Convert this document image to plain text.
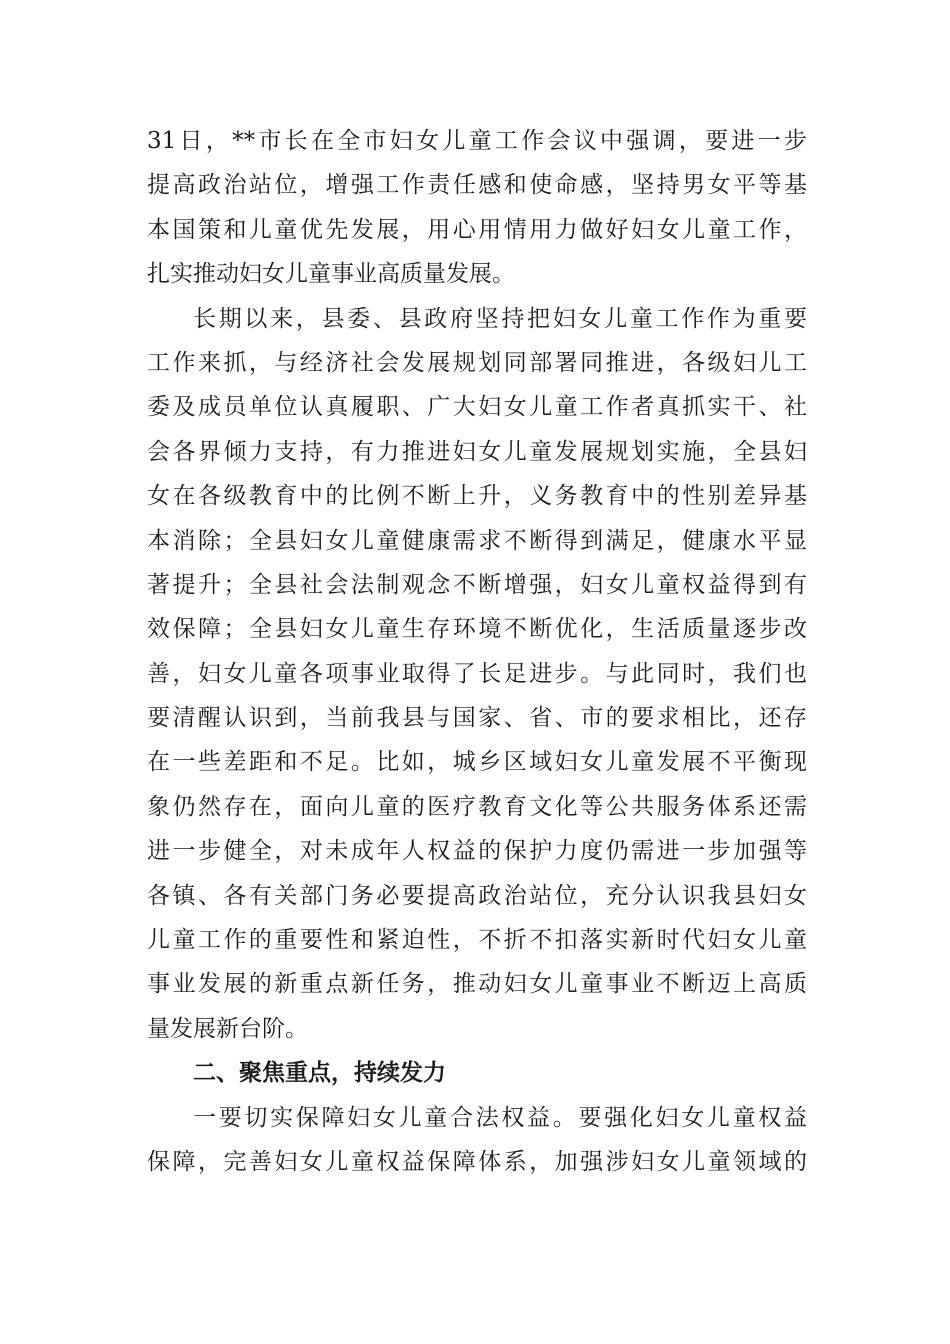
31日，**市长在全市妇女儿童工作会议中强调，要进一步
提高政治站位，增强工作责任感和使命感，坚持男女平等基
本国策和儿童优先发展，用心用情用力做好妇女儿童工作，
扎实推动妇女儿童事业高质量发展。
长期以来，县委、县政府坚持把妇女儿童工作作为重要
工作来抓，与经济社会发展规划同部署同推进，各级妇儿工
委及成员单位认真履职、广大妇女儿童工作者真抓实干、社
会各界倾力支持，有力推进妇女儿童发展规划实施，全县妇
女在各级教育中的比例不断上升，义务教育中的性别差异基
本消除；全县妇女儿童健康需求不断得到满足，健康水平显
著提升；全县社会法制观念不断增强，妇女儿童权益得到有
效保障；全县妇女儿童生存环境不断优化，生活质量逐步改
善，妇女儿童各项事业取得了长足进步。与此同时，我们也
要清醒认识到，当前我县与国家、省、市的要求相比，还存
在一些差距和不足。比如，城乡区域妇女儿童发展不平衡现
象仍然存在，面向儿童的医疗教育文化等公共服务体系还需
进一步健全，对未成年人权益的保护力度仍需进一步加强等
各镇、各有关部门务必要提高政治站位，充分认识我县妇女
儿童工作的重要性和紧迫性，不折不扣落实新时代妇女儿童
事业发展的新重点新任务，推动妇女儿童事业不断迈上高质
量发展新台阶。
二、聚焦重点，持续发力
一要切实保障妇女儿童合法权益。要强化妇女儿童权益
保障，完善妇女儿童权益保障体系，加强涉妇女儿童领域的
